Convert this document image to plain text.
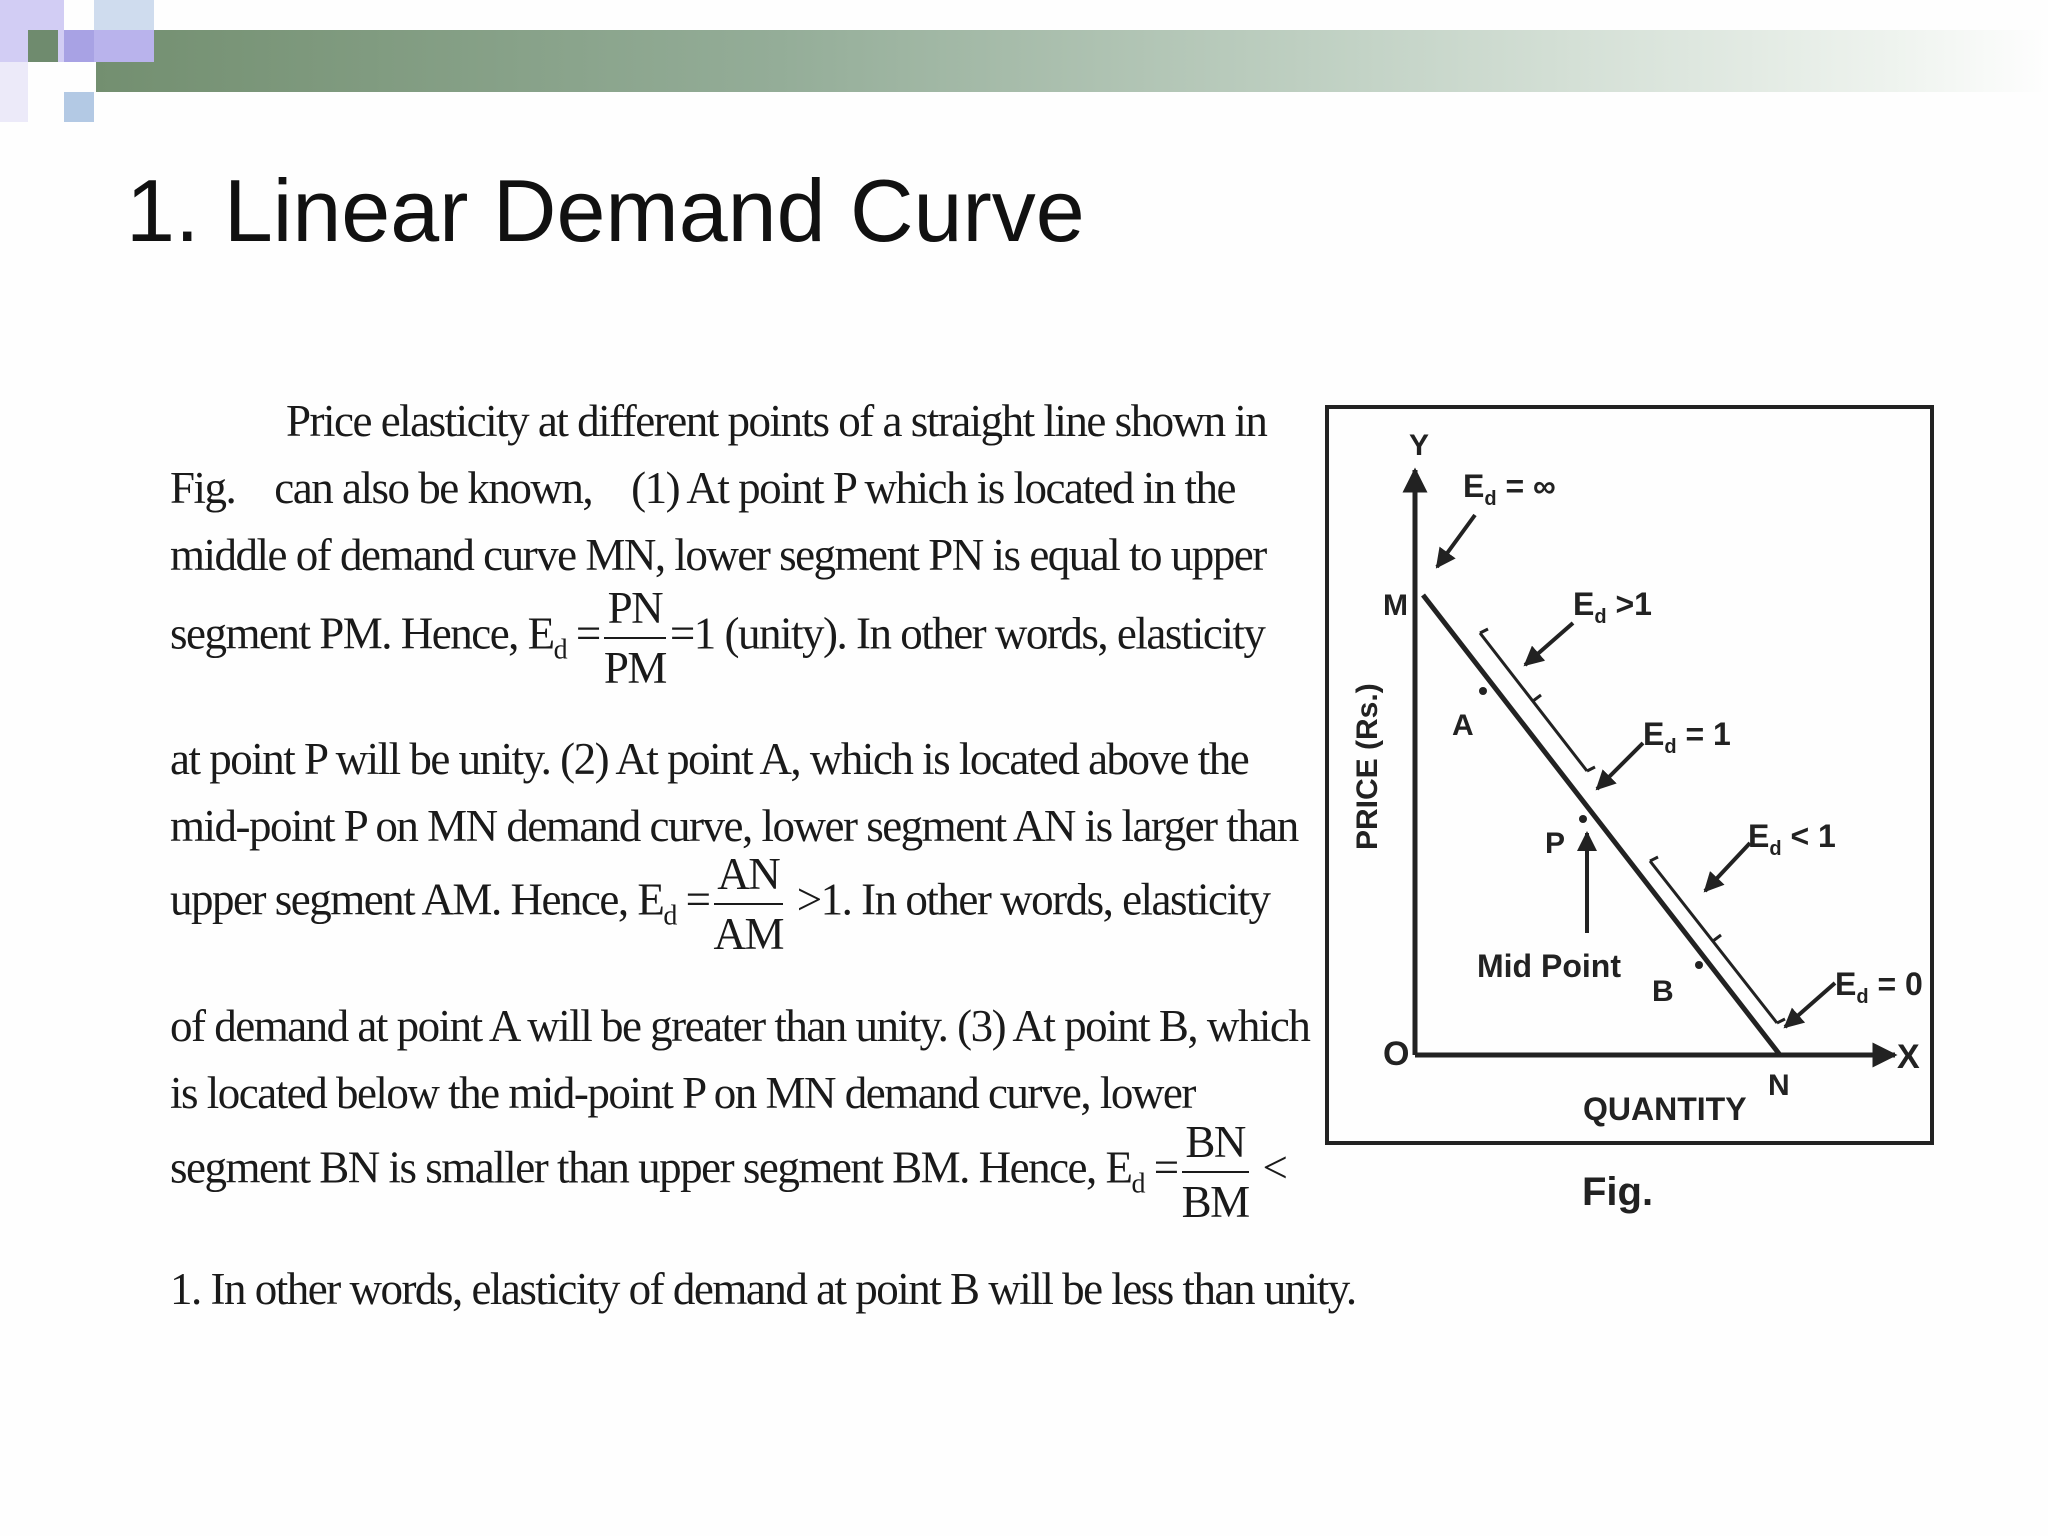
1. Linear Demand Curve
Price elasticity at different points of a straight line shown in
Fig.    can also be known,    (1) At point P which is located in the
middle of demand curve MN, lower segment PN is equal to upper
segment PM. Hence, $E_d = \frac{PN}{PM} =1$ (unity). In other words, elasticity
at point P will be unity. (2) At point A, which is located above the
mid-point P on MN demand curve, lower segment AN is larger than
upper segment AM. Hence, $E_d = \frac{AN}{AM} >1$. In other words, elasticity
of demand at point A will be greater than unity. (3) At point B, which
is located below the mid-point P on MN demand curve, lower
segment BN is smaller than upper segment BM. Hence, $E_d = \frac{BN}{BM}$ <
1. In other words, elasticity of demand at point B will be less than unity.
Y
X
O
PRICE (Rs.)
QUANTITY
M
N
A
P
B
$E_d$ = ∞
$E_d >1$
$E_d = 1$
$E_d < 1$
$E_d = 0$
Mid Point
Fig.
